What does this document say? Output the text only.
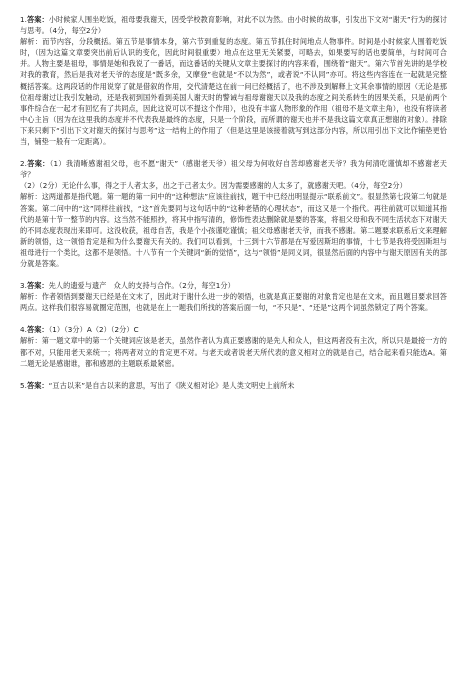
1.答案：小时候家人围坐吃饭，祖母要我谢天，因受学校教育影响，对此不以为然。由小时候的故事，引发出下文对“谢天”行为的探讨与思考。（4分，每空2分）

解析：而节内容，分段概括。第五节是事情本身，第六节到重复的态度。第五节抓住时间地点人物事件。时间是小时候家人围着吃饭时，（因为这篇文章要突出前后认识的变化，因此时间很重要）地点在这里无关紧要，可略去，如果要写的话也要简单，与时间可合并。人物主要是祖母，事情是她和我说了一番话，而这番话的关键从文章主要探讨的内容来看，围绕着“谢天”。第六节首先讲的是学校对我的教育，然后是我对老天爷的态度是“既多余，又摩登”也就是“不以为然”，或者说“不认同”亦可。将这些内容连在一起就是完整概括答案。这两段话的作用说穿了就是借叙的作用，交代清楚这在前一问已经概括了，也不涉及到解释上文其余事情的原因（无论是那位祖母谢过让我引发触动，还是我初到国外看到美国人谢天时的警诫与祖母谢谢天以及我的态度之间关系转生的因果关系，只是前两个事件综合在一起才有回忆有了共同点，因此这说可以不提这个作用），也没有丰富人物形象的作用（祖母不是文章主角），也没有将读者中心主旨（因为在这里我的态度并不代表我是最终的态度，只是一个阶段，而所谓的谢天也并不是我这篇文章真正想谢的对象）。排除下来只剩下“引出下文对谢天的探讨与思考”这一结构上的作用了（但是这里是该接着就写到这部分内容，所以用引出下文比作铺垫更恰当，铺垫一般有一定距离）。

2.答案：（1）我清晰感谢祖父母，也不愿“谢天”（感谢老天爷）祖父母为何收好自苦却感谢老天爷？我为何清吃谨慎却不感谢老天爷？

（2）（2分）无论什么事，得之于人者太多，出之于己者太少。因为需要感谢的人太多了，就感谢天吧。（4分，每空2分）

解析：这两道都是指代题。第一题的第一问中的“这种想法”应该往前找，题干中已经出明显提示“联系前文”。很显然第七段第二句就是答案。第二问中的“这”同样往前找，“这”首先要同与这句话中的“这种老错的心理状态”，而这又是一个指代。再往前就可以知道其指代的是第十节一整节的内容。这当然不能照抄，将其中指写清的，修饰性表达删除就是要的答案，将祖父母和我不同生活状态下对谢天的不同态度表现出来即可。这没收获，祖母自苦，我是个小孩谨吃谨慎；祖父母感谢老天爷，而我不感谢。第二题要求联系后文来理解新的领悟，这一领悟肯定是和为什么要谢天有关的。我们可以看到，十三到十六节都是在写爱因斯坦的事情，十七节是我将受因斯坦与祖母进行一个类比，这都不是领悟。十八节有一个关键词“新的觉悟”，这与“领悟”是同义词，很显然后面的内容中与谢天原因有关的部分就是答案。

3.答案：先人的遗爱与遗产　众人的支持与合作。（2分，每空1分）

解析：作者领悟到要谢天已经是在文末了，因此对于谢什么进一步的领悟，也就是真正要谢的对象肯定也是在文末，而且题目要求回答两点。这样我们很容易就圈定范围，也就是在上一题我们所找的答案后面一句，“不只是”、“还是”这两个词虽然锁定了两个答案。

4.答案：（1）（3分）A（2）（2分）C

解析：第一题文章中的第一个关键词应该是老天，虽然作者认为真正要感谢的是先人和众人，但这两者没有主次，所以只是最接一方的都不对，只能用老天来统一；将两者对立的肯定更不对。与老天或者说老天所代表的意义相对立的就是自己，结合起来看只能选A。第二题无论是感谢谁，都和感恩的主题联系最紧密。

5.答案：“亘古以来”是自古以来的意思，写出了《陕义相对论》是人类文明史上前所未
